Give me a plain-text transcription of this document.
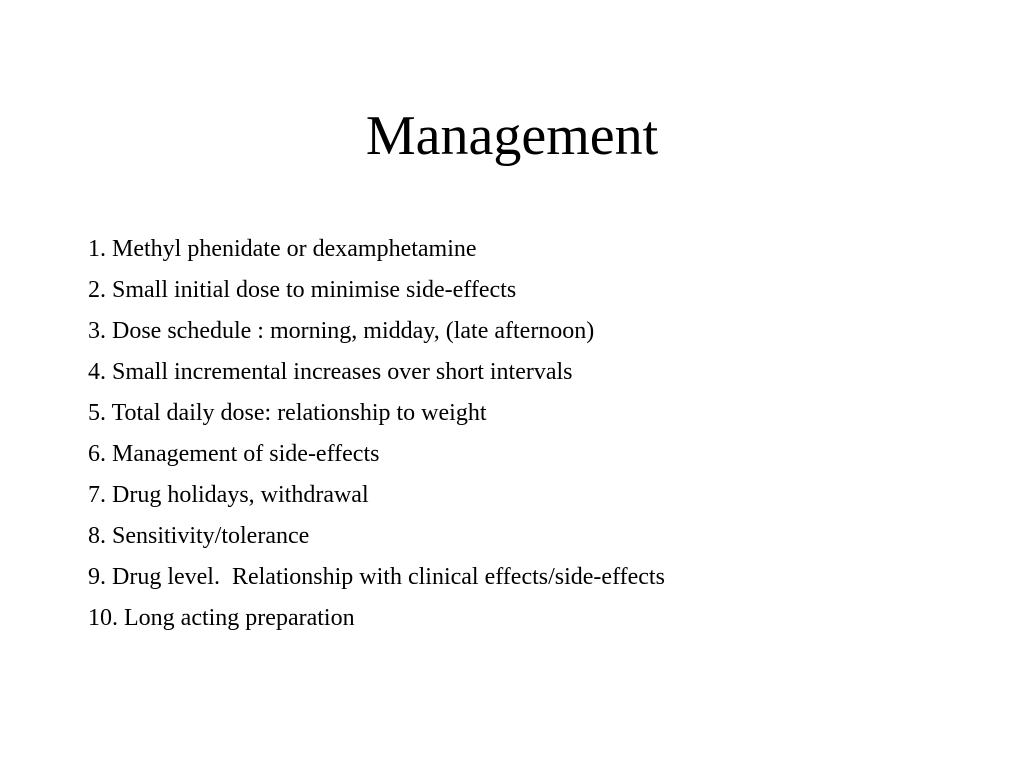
Management
1. Methyl phenidate or dexamphetamine
2. Small initial dose to minimise side-effects
3. Dose schedule : morning, midday, (late afternoon)
4. Small incremental increases over short intervals
5. Total daily dose: relationship to weight
6. Management of side-effects
7. Drug holidays, withdrawal
8. Sensitivity/tolerance
9. Drug level.  Relationship with clinical effects/side-effects
10. Long acting preparation
